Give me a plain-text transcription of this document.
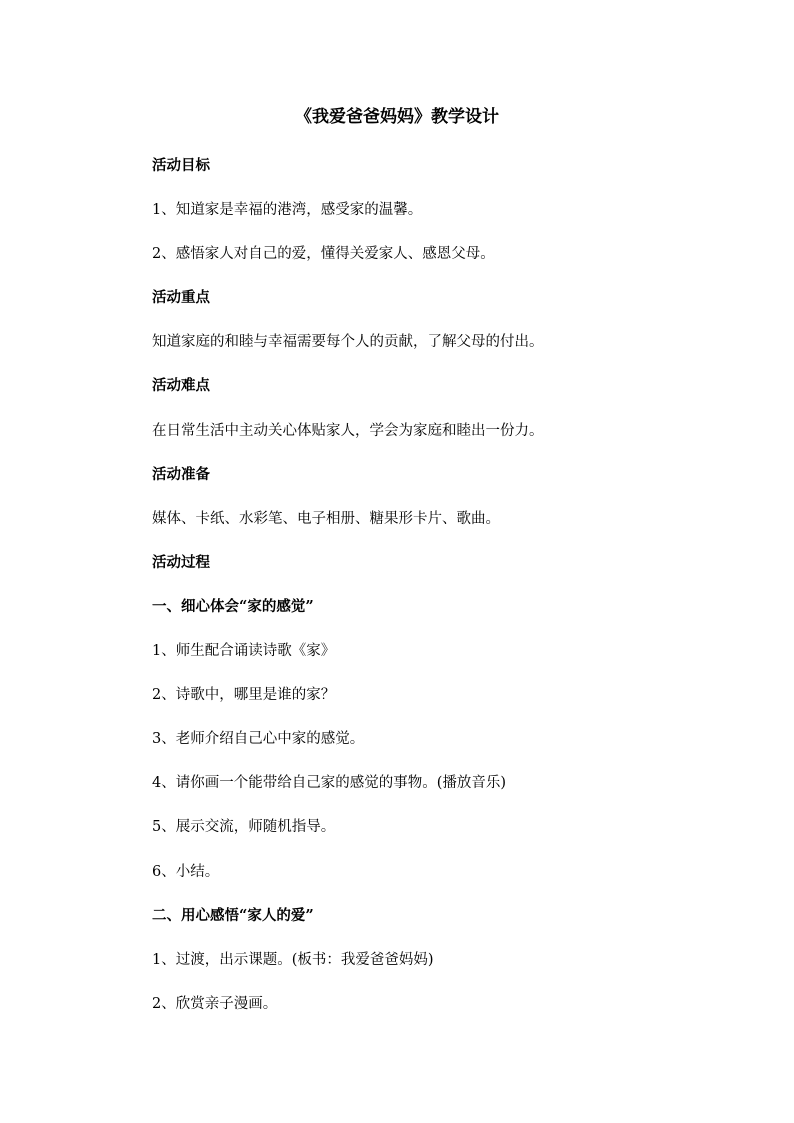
《我爱爸爸妈妈》教学设计
活动目标
1、知道家是幸福的港湾，感受家的温馨。
2、感悟家人对自己的爱，懂得关爱家人、感恩父母。
活动重点
知道家庭的和睦与幸福需要每个人的贡献，了解父母的付出。
活动难点
在日常生活中主动关心体贴家人，学会为家庭和睦出一份力。
活动准备
媒体、卡纸、水彩笔、电子相册、糖果形卡片、歌曲。
活动过程
一、细心体会“家的感觉”
1、师生配合诵读诗歌《家》
2、诗歌中，哪里是谁的家？
3、老师介绍自己心中家的感觉。
4、请你画一个能带给自己家的感觉的事物。(播放音乐)
5、展示交流，师随机指导。
6、小结。
二、用心感悟“家人的爱”
1、过渡，出示课题。(板书：我爱爸爸妈妈)
2、欣赏亲子漫画。
